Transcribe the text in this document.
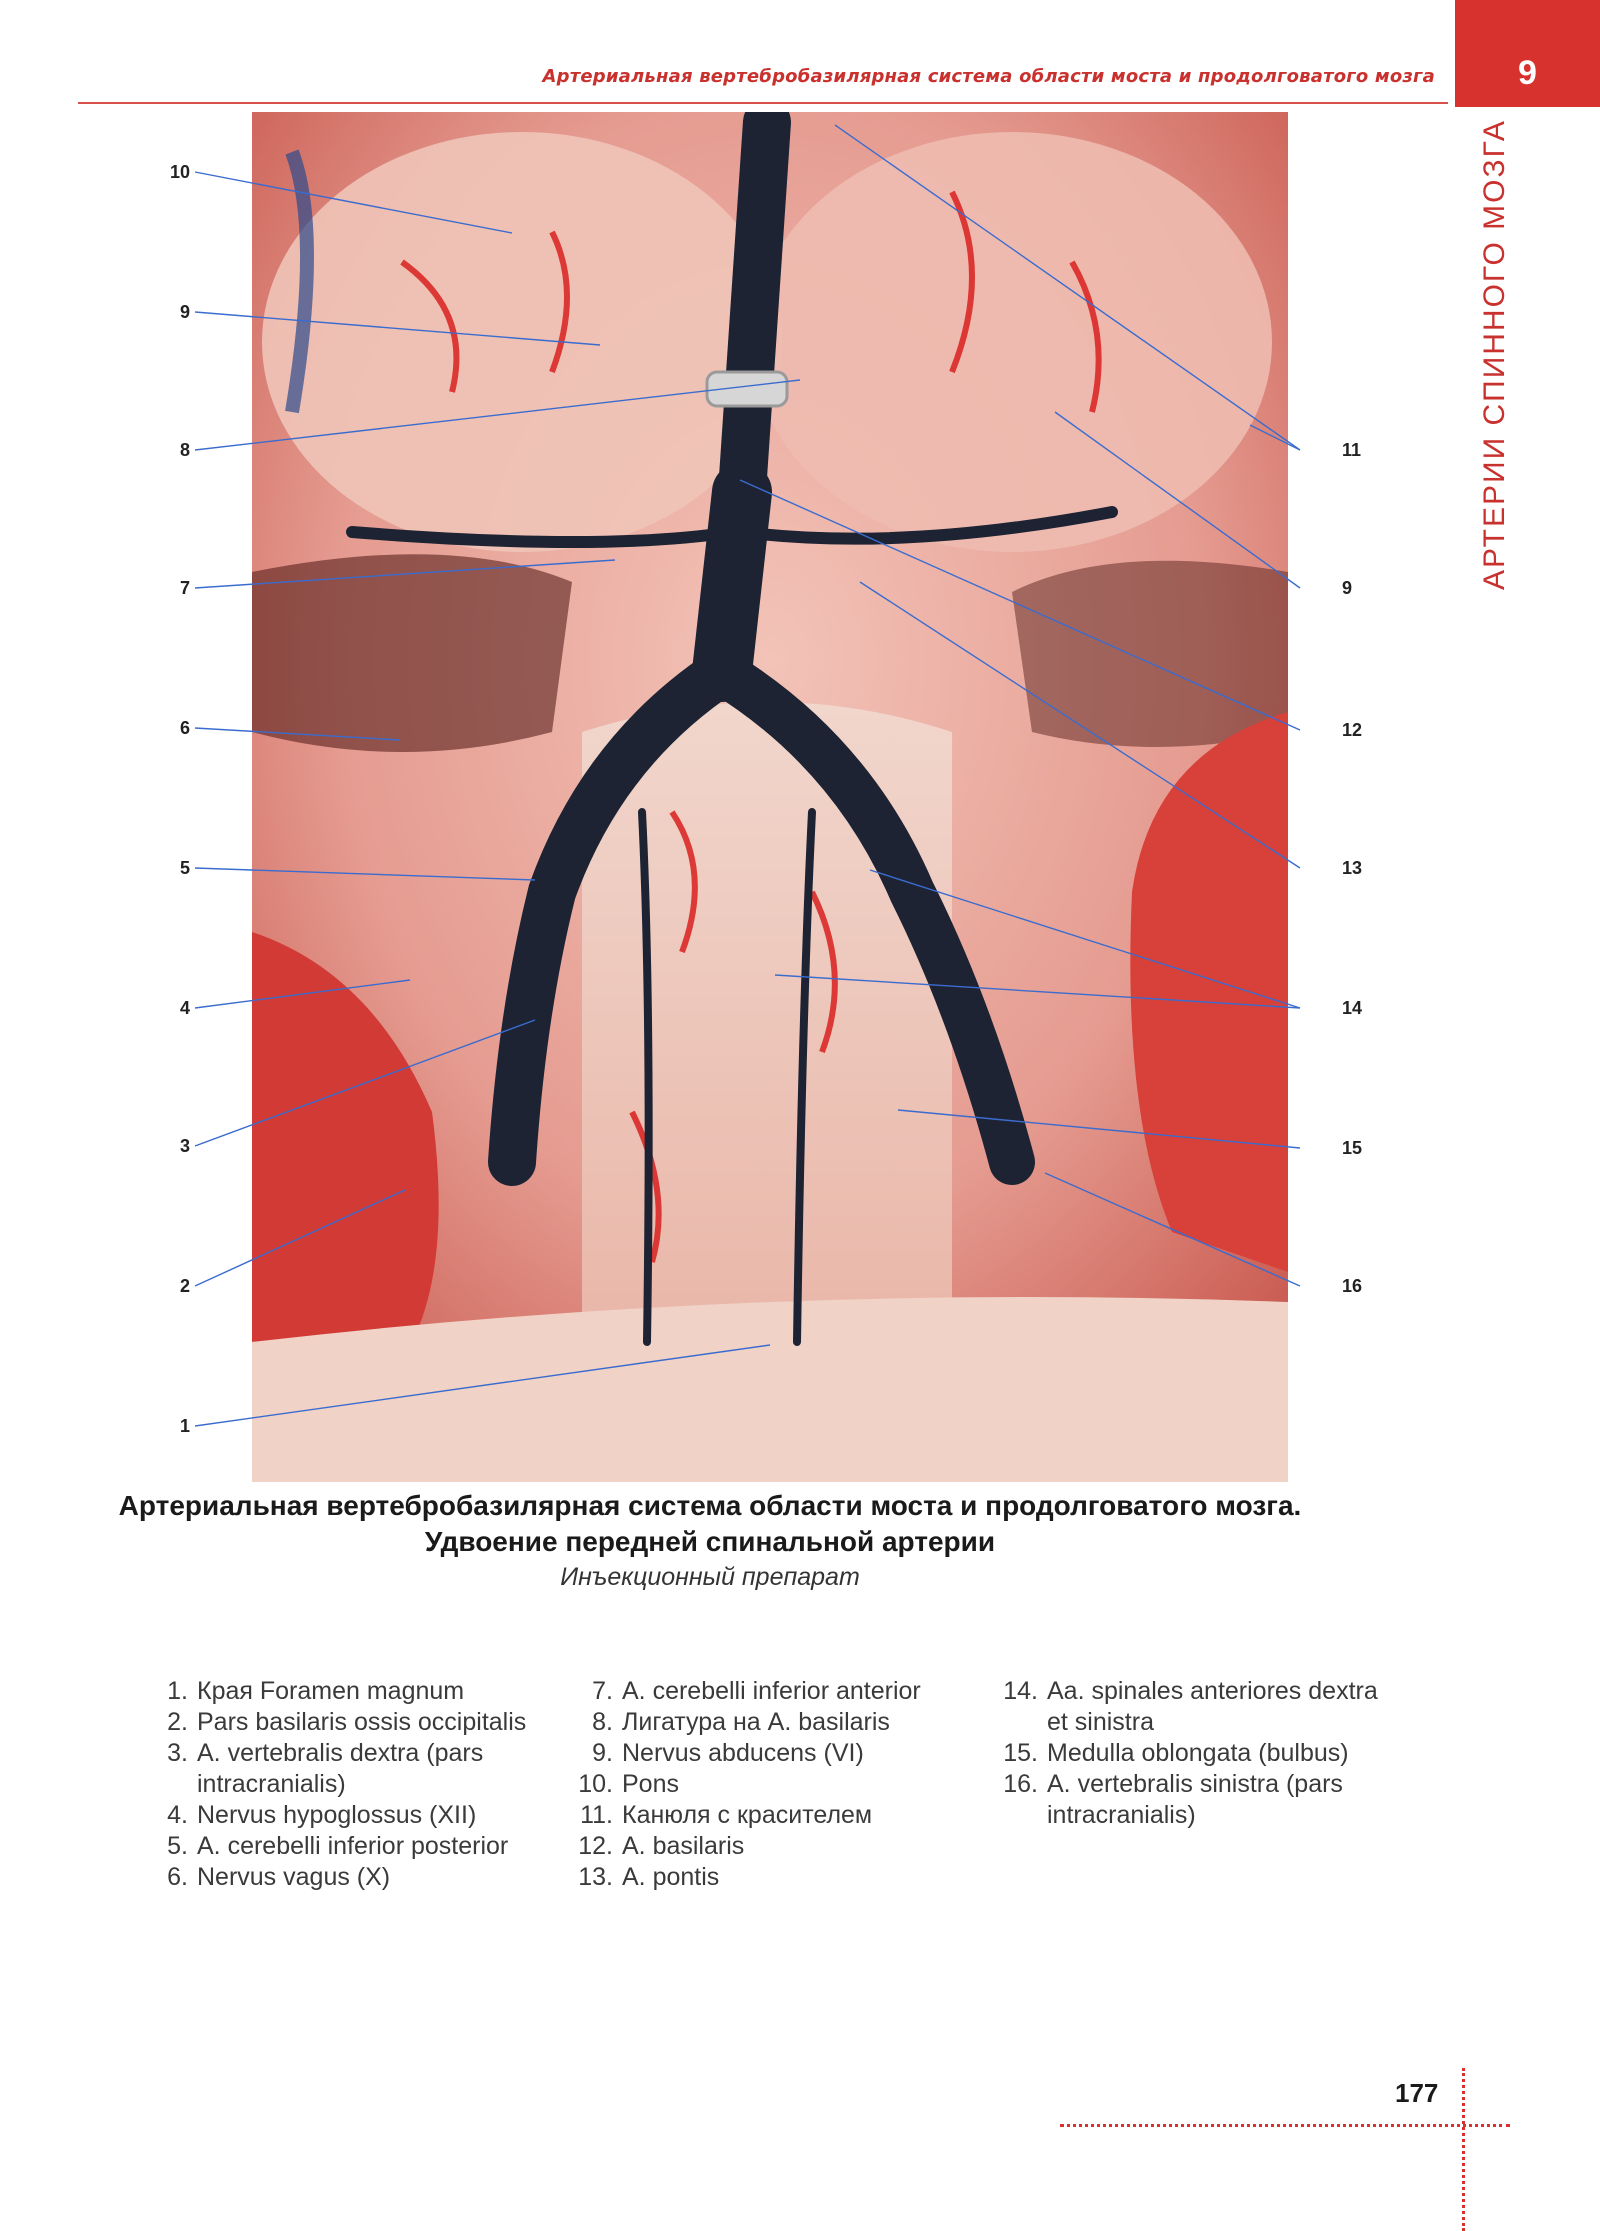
Артериальная вертебробазилярная система области моста и продолговатого мозга 9
АРТЕРИИ СПИННОГО МОЗГА
10
9
8
7
6
5
4
3
2
1
11
9
12
13
14
15
16
Артериальная вертебробазилярная система области моста и продолговатого мозга.
Удвоение передней спинальной артерии
Инъекционный препарат
1. Края Foramen magnum
2. Pars basilaris ossis occipitalis
3. A. vertebralis dextra (pars intracranialis)
4. Nervus hypoglossus (XII)
5. A. cerebelli inferior posterior
6. Nervus vagus (X)
7. A. cerebelli inferior anterior
8. Лигатура на A. basilaris
9. Nervus abducens (VI)
10. Pons
11. Канюля с красителем
12. A. basilaris
13. A. pontis
14. Aa. spinales anteriores dextra et sinistra
15. Medulla oblongata (bulbus)
16. A. vertebralis sinistra (pars intracranialis)
177
